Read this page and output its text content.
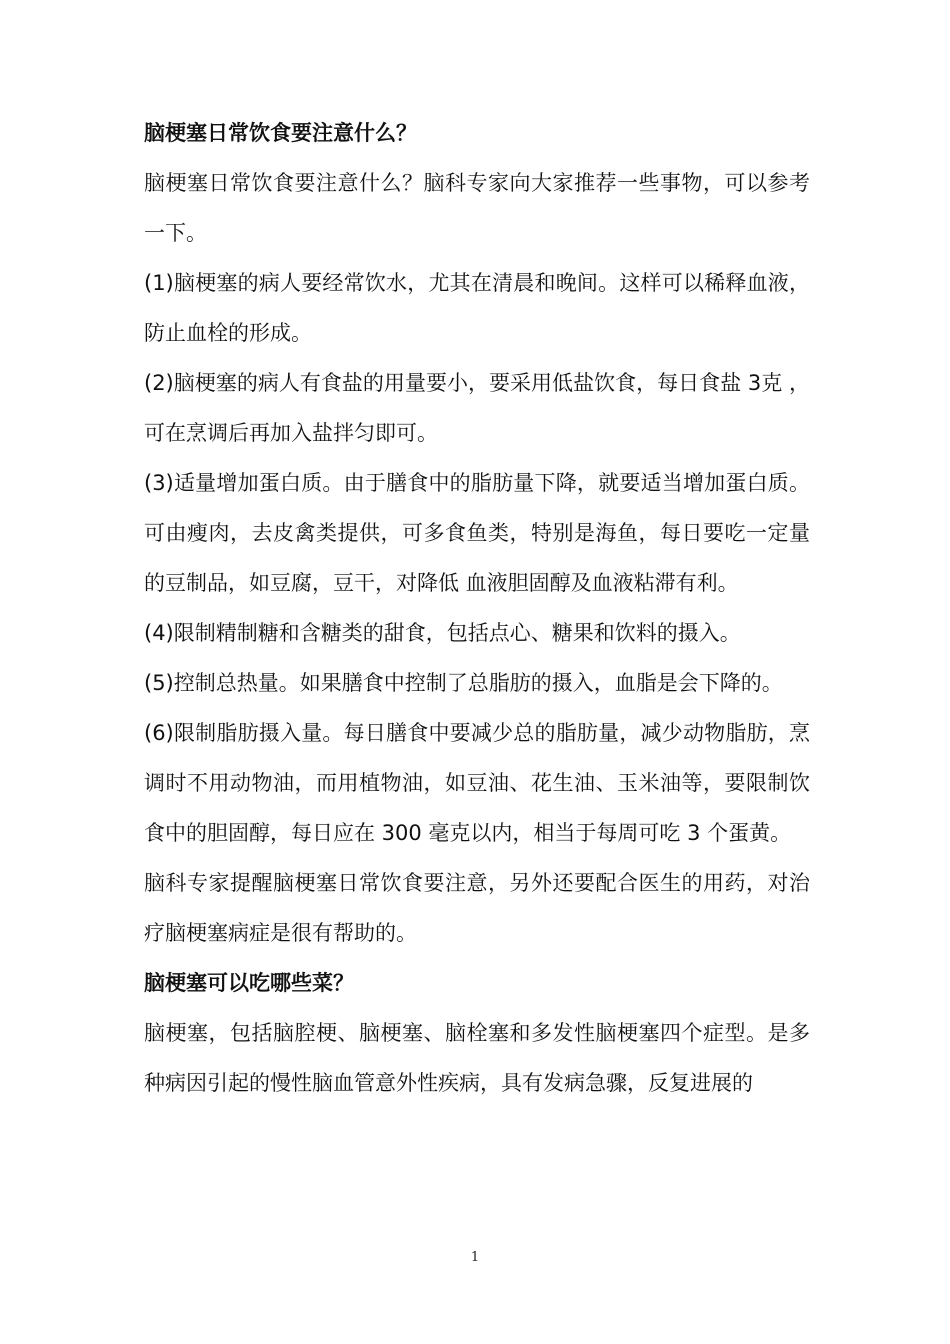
脑梗塞日常饮食要注意什么？

脑梗塞日常饮食要注意什么？脑科专家向大家推荐一些事物，可以参考一下。

(1)脑梗塞的病人要经常饮水，尤其在清晨和晚间。这样可以稀释血液，防止血栓的形成。

(2)脑梗塞的病人有食盐的用量要小，要采用低盐饮食，每日食盐 3克 ，可在烹调后再加入盐拌匀即可。

(3)适量增加蛋白质。由于膳食中的脂肪量下降，就要适当增加蛋白质。可由瘦肉，去皮禽类提供，可多食鱼类，特别是海鱼，每日要吃一定量的豆制品，如豆腐，豆干，对降低 血液胆固醇及血液粘滞有利。

(4)限制精制糖和含糖类的甜食，包括点心、糖果和饮料的摄入。

(5)控制总热量。如果膳食中控制了总脂肪的摄入，血脂是会下降的。

(6)限制脂肪摄入量。每日膳食中要减少总的脂肪量，减少动物脂肪，烹调时不用动物油，而用植物油，如豆油、花生油、玉米油等，要限制饮食中的胆固醇，每日应在 300 毫克以内，相当于每周可吃 3 个蛋黄。

脑科专家提醒脑梗塞日常饮食要注意，另外还要配合医生的用药，对治疗脑梗塞病症是很有帮助的。

脑梗塞可以吃哪些菜？

脑梗塞，包括脑腔梗、脑梗塞、脑栓塞和多发性脑梗塞四个症型。是多种病因引起的慢性脑血管意外性疾病，具有发病急骤，反复进展的

1
